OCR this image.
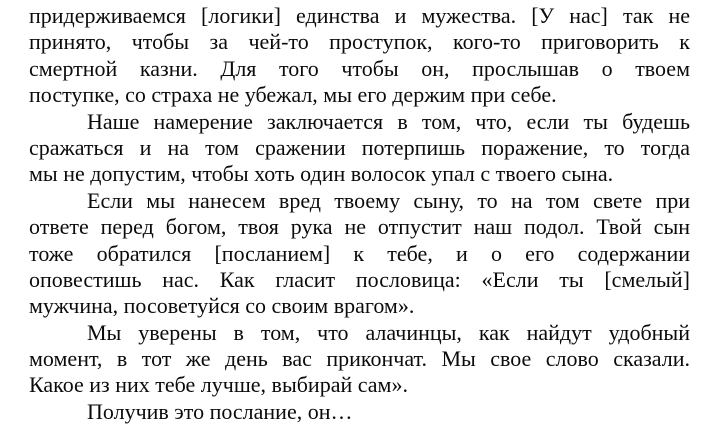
придерживаемся [логики] единства и мужества. [У нас] так не
принято, чтобы за чей-то проступок, кого-то приговорить к
смертной казни. Для того чтобы он, прослышав о твоем
поступке, со страха не убежал, мы его держим при себе.
Наше намерение заключается в том, что, если ты будешь
сражаться и на том сражении потерпишь поражение, то тогда
мы не допустим, чтобы хоть один волосок упал с твоего сына.
Если мы нанесем вред твоему сыну, то на том свете при
ответе перед богом, твоя рука не отпустит наш подол. Твой сын
тоже обратился [посланием] к тебе, и о его содержании
оповестишь нас. Как гласит пословица: «Если ты [смелый]
мужчина, посоветуйся со своим врагом».
Мы уверены в том, что алачинцы, как найдут удобный
момент, в тот же день вас прикончат. Мы свое слово сказали.
Какое из них тебе лучше, выбирай сам».
Получив это послание, он…
